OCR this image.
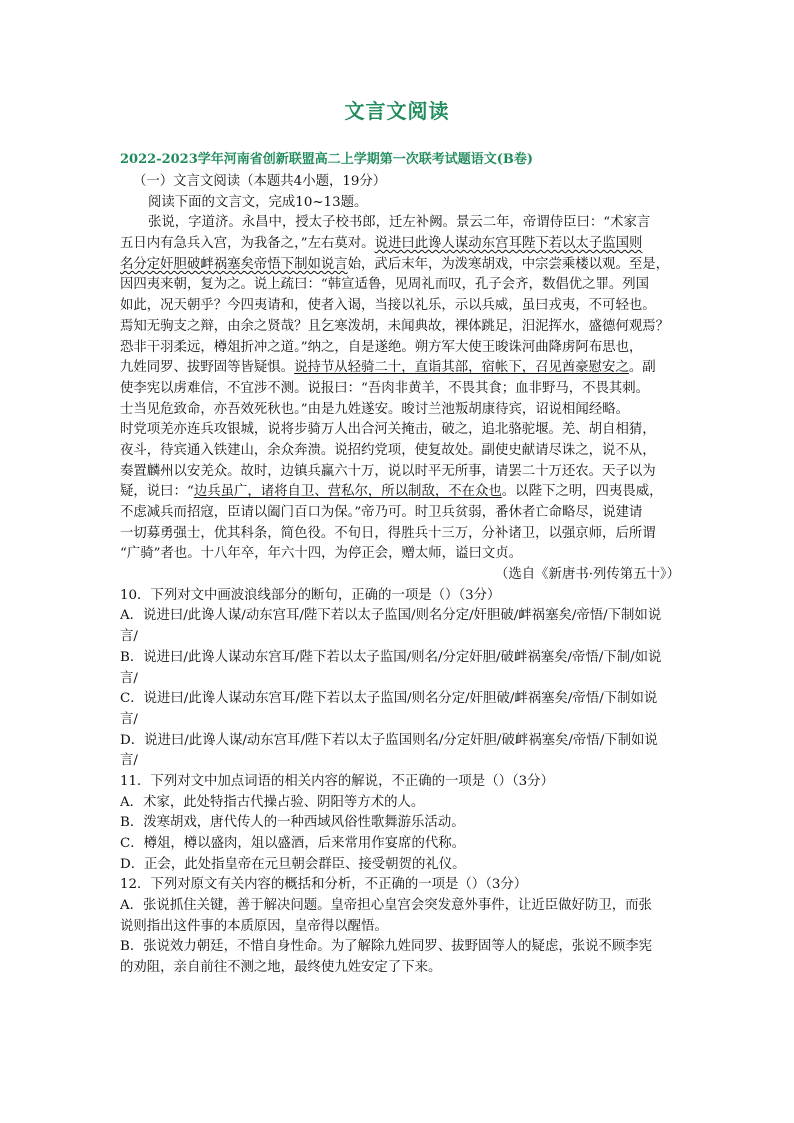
文言文阅读
2022-2023学年河南省创新联盟高二上学期第一次联考试题语文(B卷)
（一）文言文阅读（本题共4小题，19分）
阅读下面的文言文，完成10~13题。
张说，字道济。永昌中，授太子校书郎，迁左补阙。景云二年，帝谓侍臣曰：“术家言
五日内有急兵入宫，为我备之，”左右莫对。说进曰此谗人谋动东宫耳陛下若以太子监国则
名分定奸胆破衅祸塞矣帝悟下制如说言始，武后末年，为泼寒胡戏，中宗尝乘楼以观。至是，
因四夷来朝，复为之。说上疏曰：“韩宣适鲁，见周礼而叹，孔子会齐，数倡优之罪。列国
如此，况天朝乎？今四夷请和，使者入谒，当接以礼乐，示以兵威，虽曰戎夷，不可轻也。
焉知无驹支之辩，由余之贤哉？且乞寒泼胡，未闻典故，裸体跳足，汨泥挥水，盛德何观焉？
恐非干羽柔远，樽俎折冲之道。”纳之，自是遂绝。朔方军大使王晙诛河曲降虏阿布思也，
九姓同罗、拔野固等皆疑惧。说持节从轻骑二十，直诣其部，宿帐下，召见酋豪慰安之。副
使李宪以虏难信，不宜涉不测。说报曰：“吾肉非黄羊，不畏其食；血非野马，不畏其刺。
士当见危致命，亦吾效死秋也。”由是九姓遂安。晙讨兰池叛胡康待宾，诏说相闻经略。
时党项羌亦连兵攻银城，说将步骑万人出合河关掩击，破之，追北骆驼堰。羌、胡自相猜，
夜斗，待宾通入铁建山，余众奔溃。说招约党项，使复故处。副使史献请尽诛之，说不从，
奏置麟州以安羌众。故时，边镇兵赢六十万，说以时平无所事，请罢二十万还农。天子以为
疑，说曰：“边兵虽广，诸将自卫、营私尔，所以制敌，不在众也。以陛下之明，四夷畏威，
不虑减兵而招寇，臣请以阖门百口为保。”帝乃可。时卫兵贫弱，番休者亡命略尽，说建请
一切募勇强士，优其科条，简色役。不旬日，得胜兵十三万，分补诸卫，以强京师，后所谓
“广骑”者也。十八年卒，年六十四，为停正会，赠太师，谥曰文贞。
（选自《新唐书·列传第五十》）
10．下列对文中画波浪线部分的断句，正确的一项是（）（3分）
A．说进曰/此谗人谋/动东宫耳/陛下若以太子监国/则名分定/奸胆破/衅祸塞矣/帝悟/下制如说
言/
B．说进曰/此谗人谋动东宫耳/陛下若以太子监国/则名/分定奸胆/破衅祸塞矣/帝悟/下制/如说
言/
C．说进曰/此谗人谋动东宫耳/陛下若以太子监国/则名分定/奸胆破/衅祸塞矣/帝悟/下制如说
言/
D．说进曰/此谗人谋/动东宫耳/陛下若以太子监国则名/分定奸胆/破衅祸塞矣/帝悟/下制如说
言/
11．下列对文中加点词语的相关内容的解说，不正确的一项是（）（3分）
A．术家，此处特指古代操占验、阴阳等方术的人。
B．泼寒胡戏，唐代传人的一种西域风俗性歌舞游乐活动。
C．樽俎，樽以盛肉，俎以盛酒，后来常用作宴席的代称。
D．正会，此处指皇帝在元旦朝会群臣、接受朝贺的礼仪。
12．下列对原文有关内容的概括和分析，不正确的一项是（）（3分）
A．张说抓住关键，善于解决问题。皇帝担心皇宫会突发意外事件，让近臣做好防卫，而张
说则指出这件事的本质原因，皇帝得以醒悟。
B．张说效力朝廷，不惜自身性命。为了解除九姓同罗、拔野固等人的疑虑，张说不顾李宪
的劝阻，亲自前往不测之地，最终使九姓安定了下来。
